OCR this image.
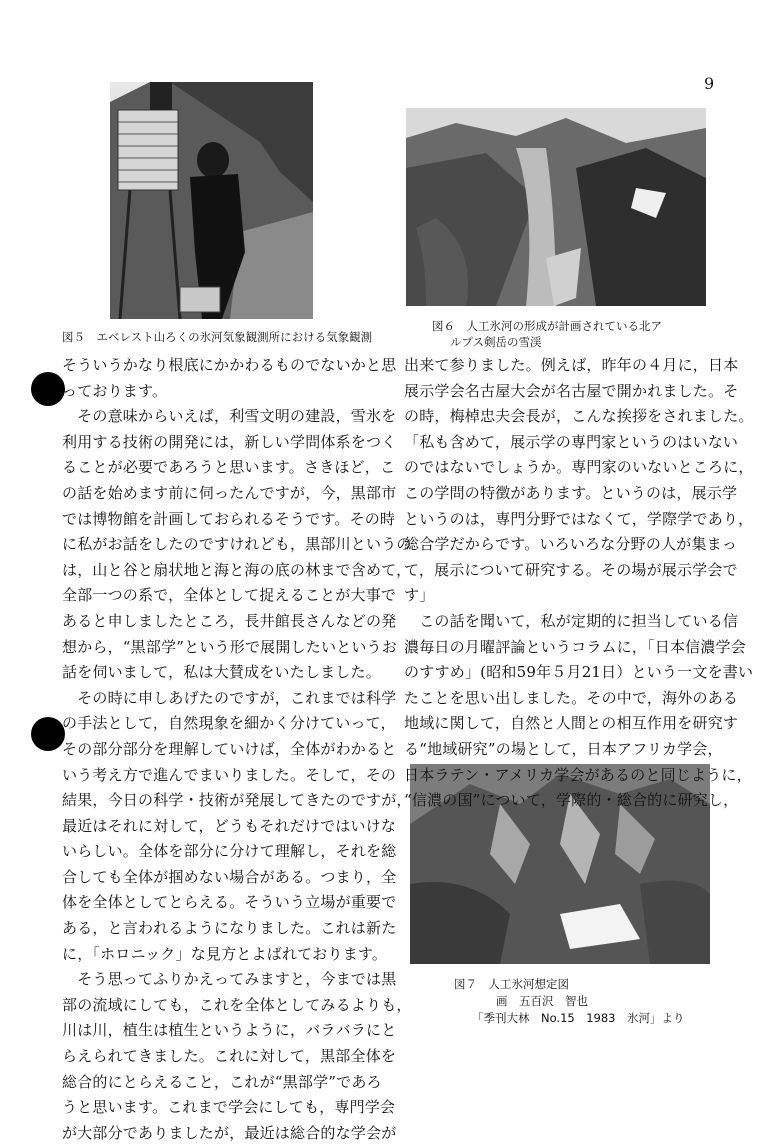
9
図５　エベレスト山ろくの氷河気象観測所における気象観測
図６　人工氷河の形成が計画されている北ア
ルプス剣岳の雪渓
図７　人工氷河想定図
画　五百沢　智也
「季刊大林　No.15　1983　氷河」より
そういうかなり根底にかかわるものでないかと思
っております。
　その意味からいえば，利雪文明の建設，雪氷を
利用する技術の開発には，新しい学問体系をつく
ることが必要であろうと思います。さきほど，こ
の話を始めます前に伺ったんですが，今，黒部市
では博物館を計画しておられるそうです。その時
に私がお話をしたのですけれども，黒部川というの
は，山と谷と扇状地と海と海の底の林まで含めて，
全部一つの系で，全体として捉えることが大事で
あると申しましたところ，長井館長さんなどの発
想から，“黒部学”という形で展開したいというお
話を伺いまして，私は大賛成をいたしました。
　その時に申しあげたのですが，これまでは科学
の手法として，自然現象を細かく分けていって，
その部分部分を理解していけば，全体がわかると
いう考え方で進んでまいりました。そして，その
結果，今日の科学・技術が発展してきたのですが，
最近はそれに対して，どうもそれだけではいけな
いらしい。全体を部分に分けて理解し，それを総
合しても全体が掴めない場合がある。つまり，全
体を全体としてとらえる。そういう立場が重要で
ある，と言われるようになりました。これは新た
に，「ホロニック」な見方とよばれております。
　そう思ってふりかえってみますと，今までは黒
部の流域にしても，これを全体としてみるよりも，
川は川，植生は植生というように，バラバラにと
らえられてきました。これに対して，黒部全体を
総合的にとらえること，これが“黒部学”であろ
うと思います。これまで学会にしても，専門学会
が大部分でありましたが，最近は総合的な学会が
出来て参りました。例えば，昨年の４月に，日本
展示学会名古屋大会が名古屋で開かれました。そ
の時，梅棹忠夫会長が，こんな挨拶をされました。
「私も含めて，展示学の専門家というのはいない
のではないでしょうか。専門家のいないところに，
この学問の特徴があります。というのは，展示学
というのは，専門分野ではなくて，学際学であり，
総合学だからです。いろいろな分野の人が集まっ
て，展示について研究する。その場が展示学会で
す」
　この話を聞いて，私が定期的に担当している信
濃毎日の月曜評論というコラムに，「日本信濃学会
のすすめ」(昭和59年５月21日）という一文を書い
たことを思い出しました。その中で，海外のある
地域に関して，自然と人間との相互作用を研究す
る“地域研究”の場として，日本アフリカ学会，
日本ラテン・アメリカ学会があるのと同じように，
“信濃の国”について，学際的・総合的に研究し，
